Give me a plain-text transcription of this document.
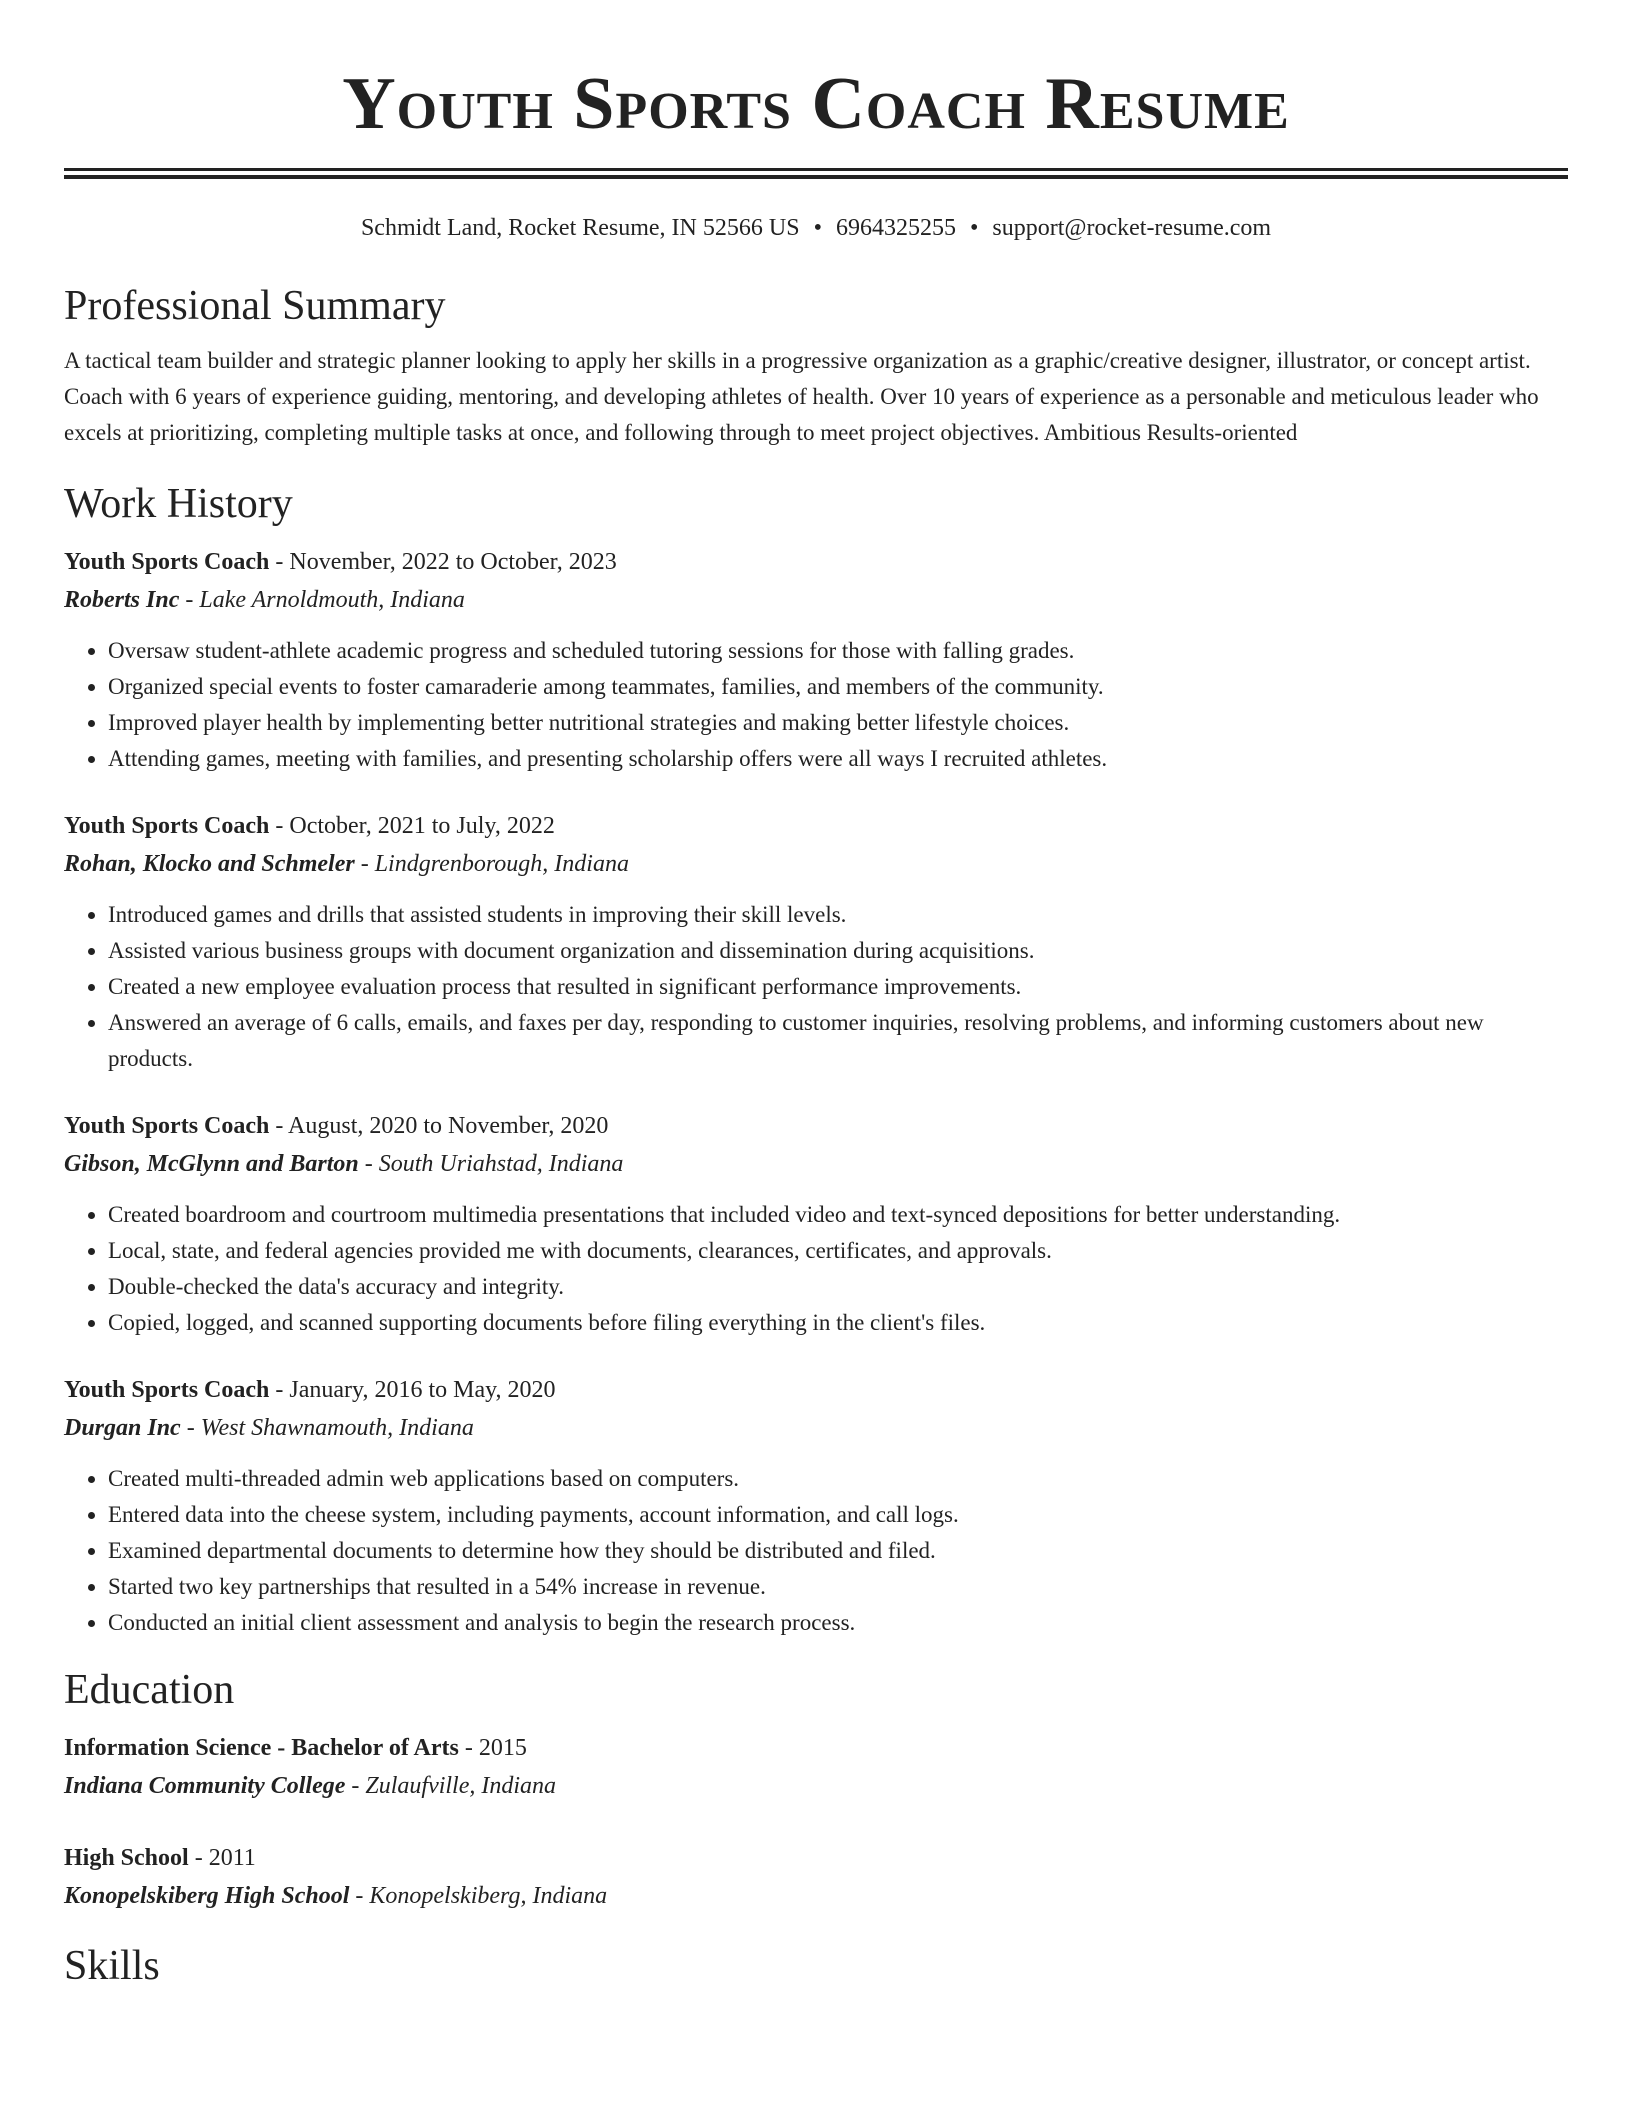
Youth Sports Coach Resume
Schmidt Land, Rocket Resume, IN 52566 US • 6964325255 • support@rocket-resume.com
Professional Summary
A tactical team builder and strategic planner looking to apply her skills in a progressive organization as a graphic/creative designer, illustrator, or concept artist. Coach with 6 years of experience guiding, mentoring, and developing athletes of health. Over 10 years of experience as a personable and meticulous leader who excels at prioritizing, completing multiple tasks at once, and following through to meet project objectives. Ambitious Results-oriented
Work History
Youth Sports Coach - November, 2022 to October, 2023
Roberts Inc - Lake Arnoldmouth, Indiana
• Oversaw student-athlete academic progress and scheduled tutoring sessions for those with falling grades.
• Organized special events to foster camaraderie among teammates, families, and members of the community.
• Improved player health by implementing better nutritional strategies and making better lifestyle choices.
• Attending games, meeting with families, and presenting scholarship offers were all ways I recruited athletes.
Youth Sports Coach - October, 2021 to July, 2022
Rohan, Klocko and Schmeler - Lindgrenborough, Indiana
• Introduced games and drills that assisted students in improving their skill levels.
• Assisted various business groups with document organization and dissemination during acquisitions.
• Created a new employee evaluation process that resulted in significant performance improvements.
• Answered an average of 6 calls, emails, and faxes per day, responding to customer inquiries, resolving problems, and informing customers about new products.
Youth Sports Coach - August, 2020 to November, 2020
Gibson, McGlynn and Barton - South Uriahstad, Indiana
• Created boardroom and courtroom multimedia presentations that included video and text-synced depositions for better understanding.
• Local, state, and federal agencies provided me with documents, clearances, certificates, and approvals.
• Double-checked the data's accuracy and integrity.
• Copied, logged, and scanned supporting documents before filing everything in the client's files.
Youth Sports Coach - January, 2016 to May, 2020
Durgan Inc - West Shawnamouth, Indiana
• Created multi-threaded admin web applications based on computers.
• Entered data into the cheese system, including payments, account information, and call logs.
• Examined departmental documents to determine how they should be distributed and filed.
• Started two key partnerships that resulted in a 54% increase in revenue.
• Conducted an initial client assessment and analysis to begin the research process.
Education
Information Science - Bachelor of Arts - 2015
Indiana Community College - Zulaufville, Indiana
High School - 2011
Konopelskiberg High School - Konopelskiberg, Indiana
Skills
